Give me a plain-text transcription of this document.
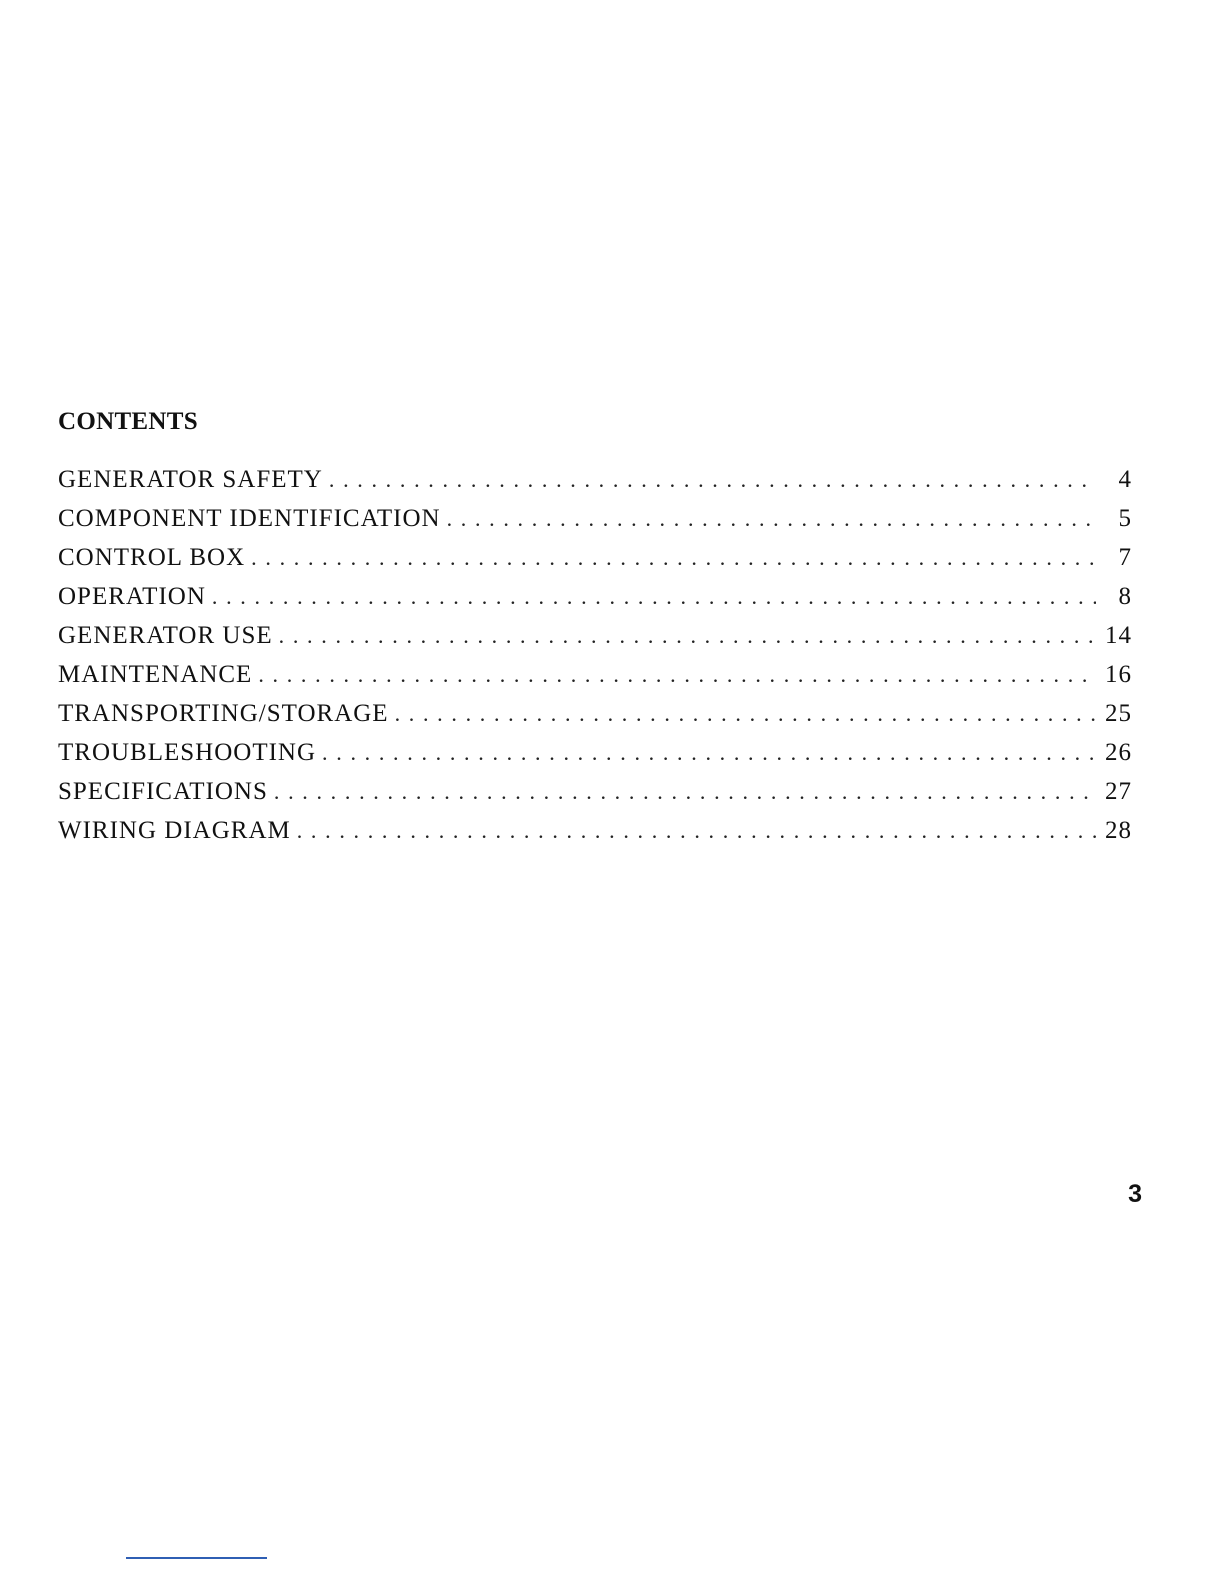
CONTENTS
GENERATOR SAFETY . . .	4
COMPONENT IDENTIFICATION . . .	5
CONTROL BOX . . .	7
OPERATION . . .	8
GENERATOR USE . . .	14
MAINTENANCE . . .	16
TRANSPORTING/STORAGE . . .	25
TROUBLESHOOTING . . .	26
SPECIFICATIONS . . .	27
WIRING DIAGRAM . . .	28
3
